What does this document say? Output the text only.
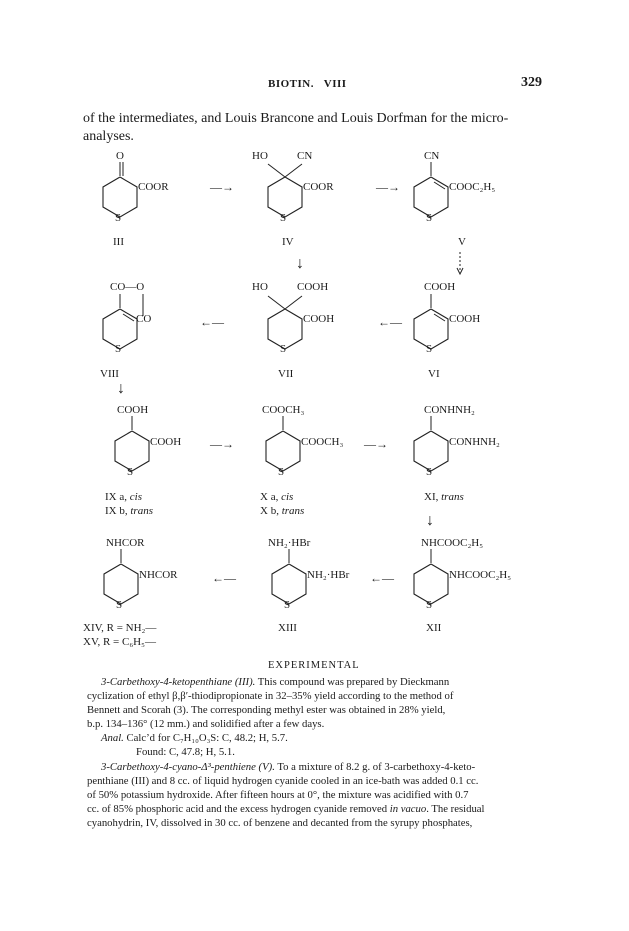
BIOTIN. VIII	329
of the intermediates, and Louis Brancone and Louis Dorfman for the micro-
analyses.
O
COOR
S
III
—→
HO	CN
COOR
S
IV
—→
CN
COOC₂H₅
S
V
↓
CO—O
CO
S
VIII
←—
HO	COOH
COOH
S
VII
←—
COOH
COOH
S
VI
↓
COOH
COOH
S
IX a, cis
IX b, trans
—→
COOCH₃
COOCH₃
S
X a, cis
X b, trans
—→
CONHNH₂
CONHNH₂
S
XI, trans
↓
NHCOR
NHCOR
S
XIV, R = NH₂—
XV, R = C₆H₅—
←—
NH₂·HBr
NH₂·HBr
S
XIII
←—
NHCOOC₂H₅
NHCOOC₂H₅
S
XII
EXPERIMENTAL
3-Carbethoxy-4-ketopenthiane (III). This compound was prepared by Dieckmann
cyclization of ethyl β,β′-thiodipropionate in 32–35% yield according to the method of
Bennett and Scorah (3). The corresponding methyl ester was obtained in 28% yield,
b.p. 134–136° (12 mm.) and solidified after a few days.
Anal. Calc’d for C₇H₁₀O₃S: C, 48.2; H, 5.7.
Found: C, 47.8; H, 5.1.
3-Carbethoxy-4-cyano-Δ³-penthiene (V). To a mixture of 8.2 g. of 3-carbethoxy-4-keto-
penthiane (III) and 8 cc. of liquid hydrogen cyanide cooled in an ice-bath was added 0.1 cc.
of 50% potassium hydroxide. After fifteen hours at 0°, the mixture was acidified with 0.7
cc. of 85% phosphoric acid and the excess hydrogen cyanide removed in vacuo. The residual
cyanohydrin, IV, dissolved in 30 cc. of benzene and decanted from the syrupy phosphates,
